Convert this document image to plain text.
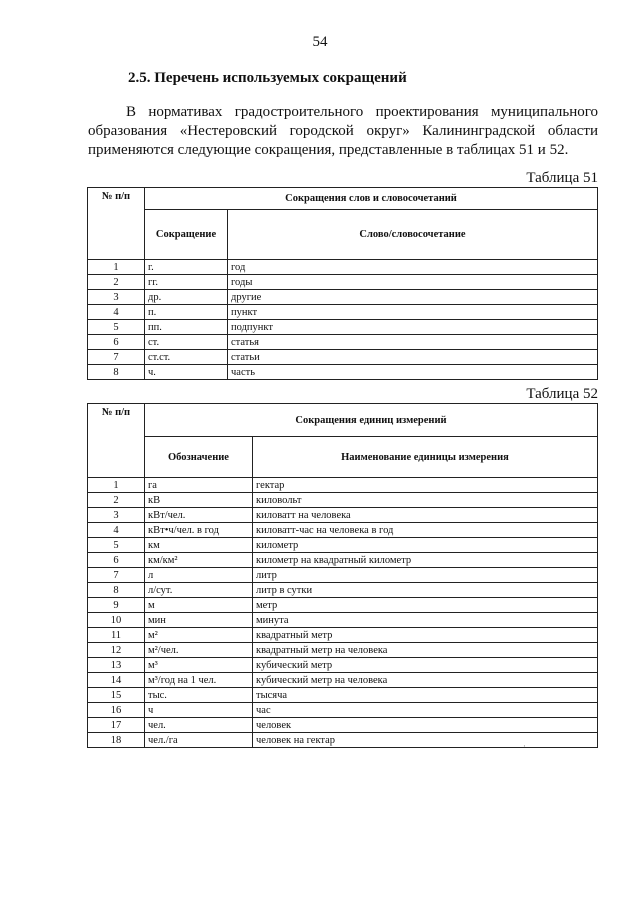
54
2.5. Перечень используемых сокращений

В нормативах градостроительного проектирования муниципального образования «Нестеровский городской округ» Калининградской области применяются следующие сокращения, представленные в таблицах 51 и 52.

Таблица 51
№ п/п	Сокращения слов и словосочетаний	
	Сокращение	Слово/словосочетание
1	г.	год
2	гг.	годы
3	др.	другие
4	п.	пункт
5	пп.	подпункт
6	ст.	статья
7	ст.ст.	статьи
8	ч.	часть
Таблица 52
№ п/п	Сокращения единиц измерений	
	Обозначение	Наименование единицы измерения
1	га	гектар
2	кВ	киловольт
3	кВт/чел.	киловатт на человека
4	кВт•ч/чел. в год	киловатт-час на человека в год
5	км	километр
6	км/км²	километр на квадратный километр
7	л	литр
8	л/сут.	литр в сутки
9	м	метр
10	мин	минута
11	м²	квадратный метр
12	м²/чел.	квадратный метр на человека
13	м³	кубический метр
14	м³/год на 1 чел.	кубический метр на человека
15	тыс.	тысяча
16	ч	час
17	чел.	человек
18	чел./га	человек на гектар
·
